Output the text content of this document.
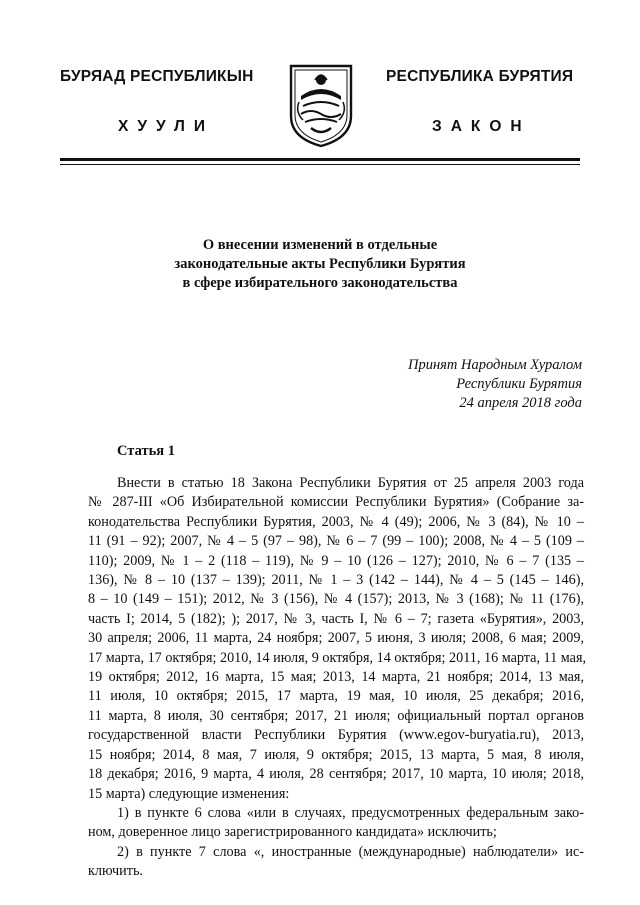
БУРЯАД РЕСПУБЛИКЫН
ХУУЛИ
РЕСПУБЛИКА БУРЯТИЯ
ЗАКОН
О внесении изменений в отдельные
законодательные акты Республики Бурятия
в сфере избирательного законодательства
Принят Народным Хуралом
Республики Бурятия
24 апреля 2018 года
Статья 1
Внести в статью 18 Закона Республики Бурятия от 25 апреля 2003 года
№ 287-III «Об Избирательной комиссии Республики Бурятия» (Собрание за-
конодательства Республики Бурятия, 2003, № 4 (49); 2006, № 3 (84), № 10 –
11 (91 – 92); 2007, № 4 – 5 (97 – 98), № 6 – 7 (99 – 100); 2008, № 4 – 5 (109 –
110); 2009, № 1 – 2 (118 – 119), № 9 – 10 (126 – 127); 2010, № 6 – 7 (135 –
136), № 8 – 10 (137 – 139); 2011, № 1 – 3 (142 – 144), № 4 – 5 (145 – 146),
8 – 10 (149 – 151); 2012, № 3 (156), № 4 (157); 2013, № 3 (168); № 11 (176),
часть I; 2014, 5 (182); ); 2017, № 3, часть I, № 6 – 7; газета «Бурятия», 2003,
30 апреля; 2006, 11 марта, 24 ноября; 2007, 5 июня, 3 июля; 2008, 6 мая; 2009,
17 марта, 17 октября; 2010, 14 июля, 9 октября, 14 октября; 2011, 16 марта, 11 мая,
19 октября; 2012, 16 марта, 15 мая; 2013, 14 марта, 21 ноября; 2014, 13 мая,
11 июля, 10 октября; 2015, 17 марта, 19 мая, 10 июля, 25 декабря; 2016,
11 марта, 8 июля, 30 сентября; 2017, 21 июля; официальный портал органов
государственной власти Республики Бурятия (www.egov-buryatia.ru), 2013,
15 ноября; 2014, 8 мая, 7 июля, 9 октября; 2015, 13 марта, 5 мая, 8 июля,
18 декабря; 2016, 9 марта, 4 июля, 28 сентября; 2017, 10 марта, 10 июля; 2018,
15 марта) следующие изменения:
1) в пункте 6 слова «или в случаях, предусмотренных федеральным зако-
ном, доверенное лицо зарегистрированного кандидата» исключить;
2) в пункте 7 слова «, иностранные (международные) наблюдатели» ис-
ключить.
